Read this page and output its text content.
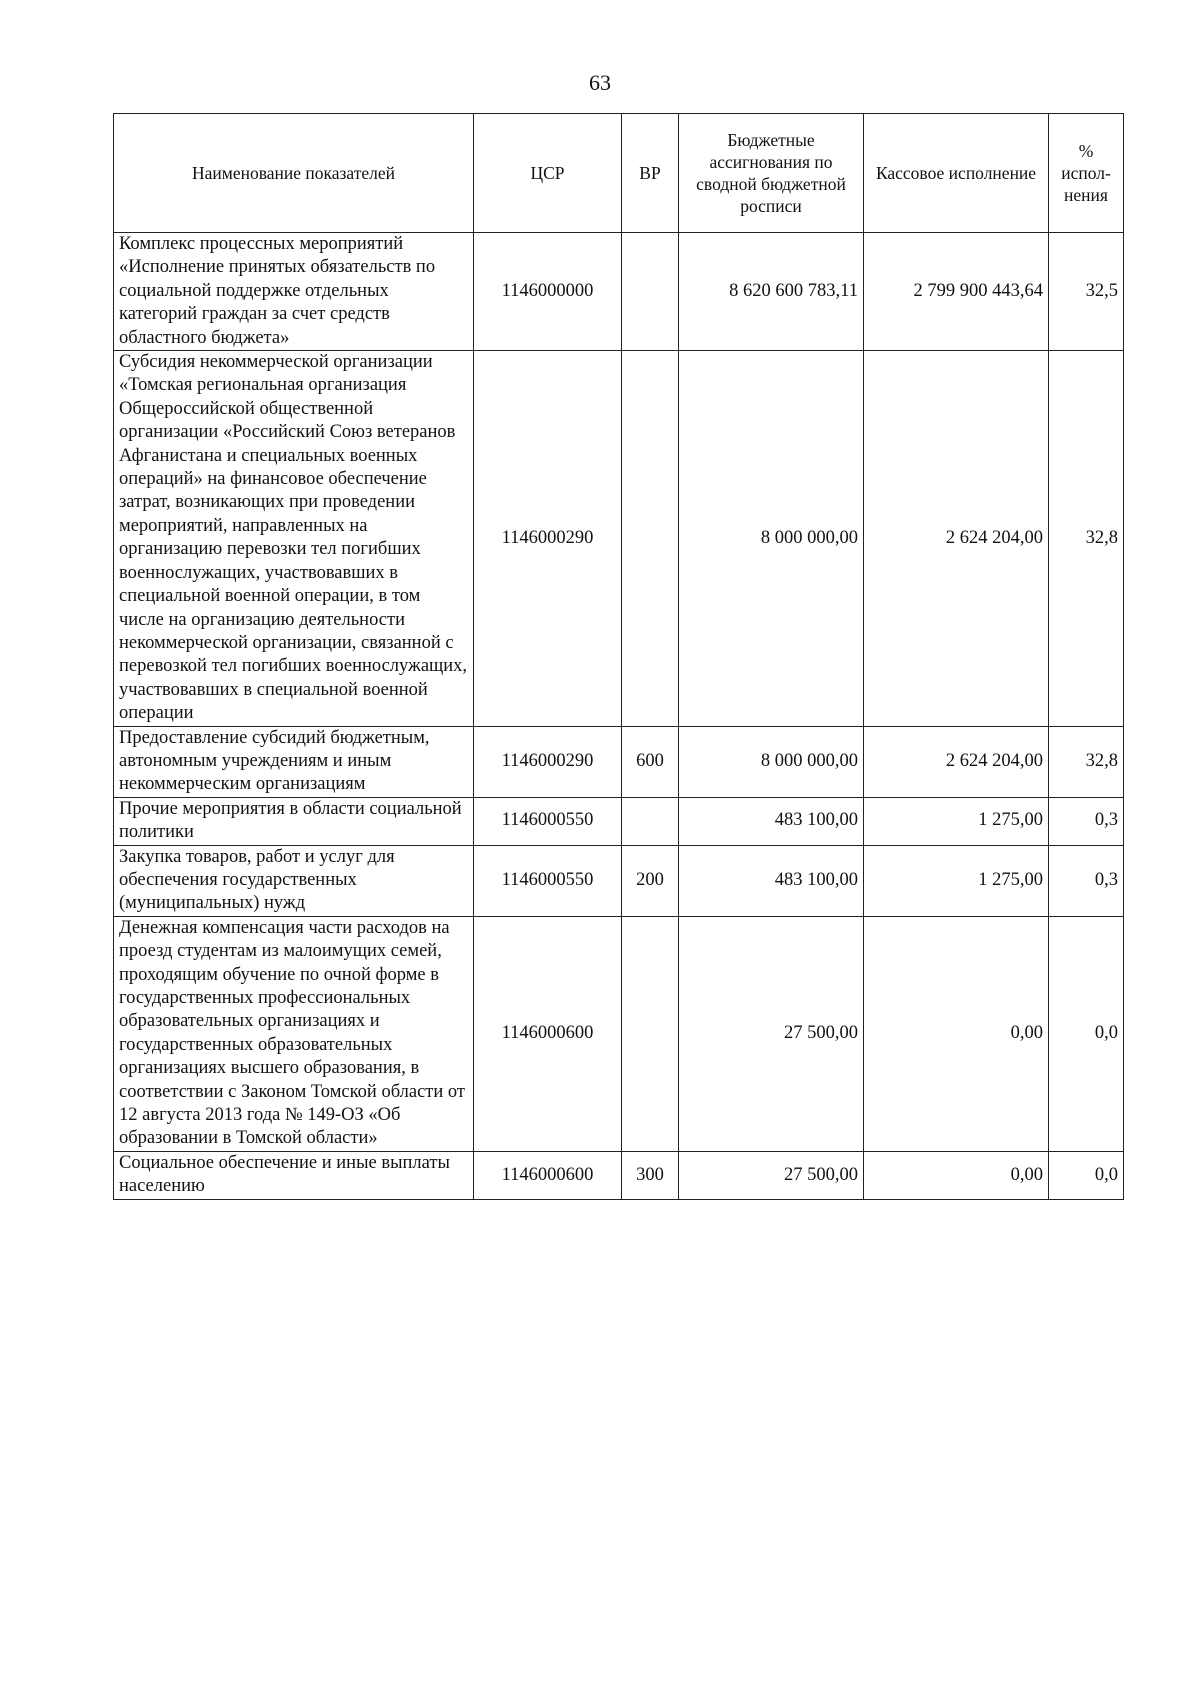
63
Наименование показателей	ЦСР	ВР	Бюджетные ассигнования по сводной бюджетной росписи	Кассовое исполнение	% испол-нения
Комплекс процессных мероприятий «Исполнение принятых обязательств по социальной поддержке отдельных категорий граждан за счет средств областного бюджета»	1146000000		8 620 600 783,11	2 799 900 443,64	32,5
Субсидия некоммерческой организации «Томская региональная организация Общероссийской общественной организации «Российский Союз ветеранов Афганистана и специальных военных операций» на финансовое обеспечение затрат, возникающих при проведении мероприятий, направленных на организацию перевозки тел погибших военнослужащих, участвовавших в специальной военной операции, в том числе на организацию деятельности некоммерческой организации, связанной с перевозкой тел погибших военнослужащих, участвовавших в специальной военной операции	1146000290		8 000 000,00	2 624 204,00	32,8
Предоставление субсидий бюджетным, автономным учреждениям и иным некоммерческим организациям	1146000290	600	8 000 000,00	2 624 204,00	32,8
Прочие мероприятия в области социальной политики	1146000550		483 100,00	1 275,00	0,3
Закупка товаров, работ и услуг для обеспечения государственных (муниципальных) нужд	1146000550	200	483 100,00	1 275,00	0,3
Денежная компенсация части расходов на проезд студентам из малоимущих семей, проходящим обучение по очной форме в государственных профессиональных образовательных организациях и государственных образовательных организациях высшего образования, в соответствии с Законом Томской области от 12 августа 2013 года № 149-ОЗ «Об образовании в Томской области»	1146000600		27 500,00	0,00	0,0
Социальное обеспечение и иные выплаты населению	1146000600	300	27 500,00	0,00	0,0
